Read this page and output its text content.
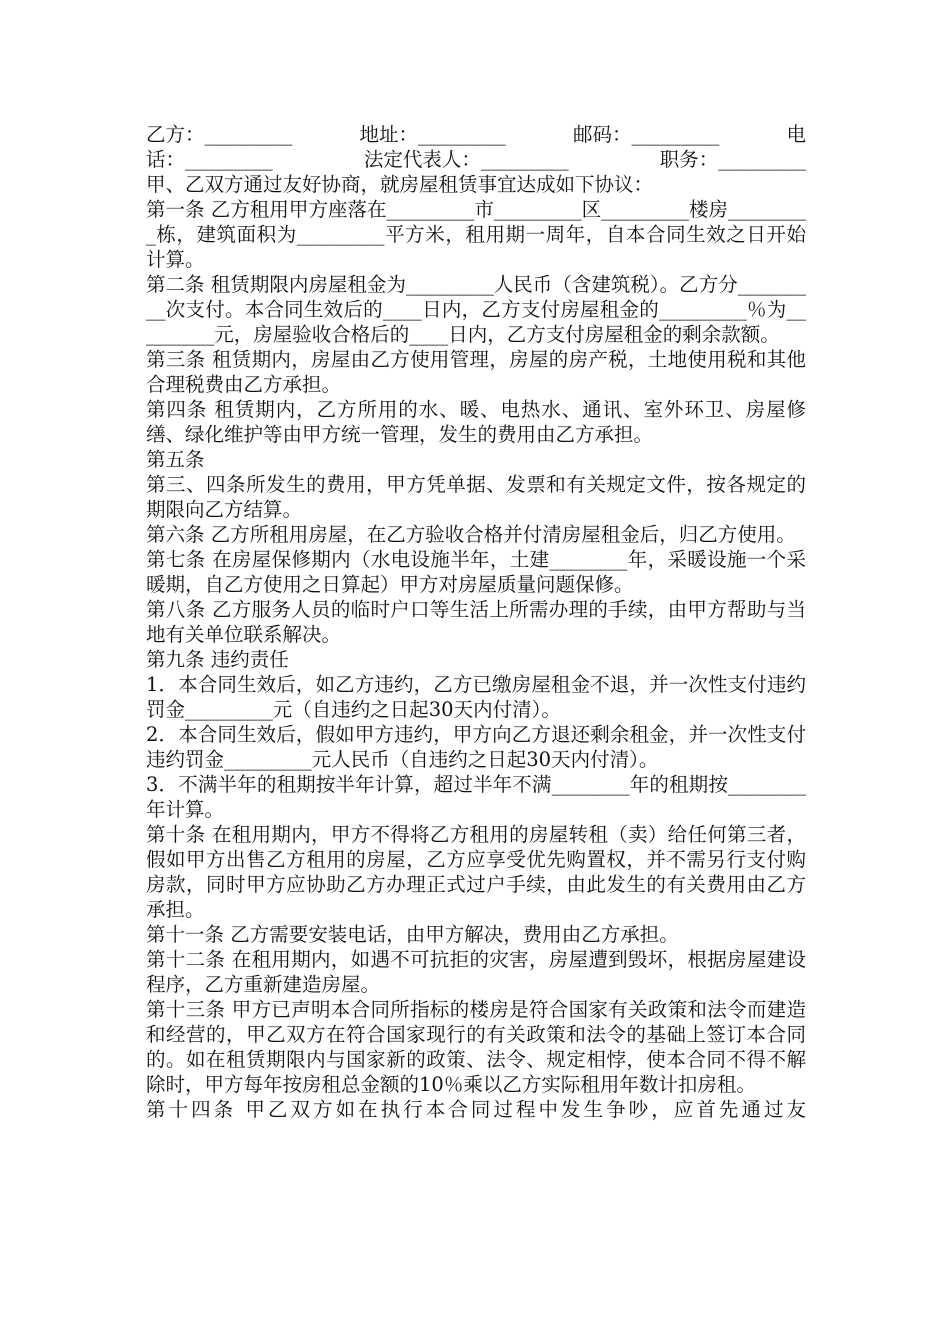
乙方：_________	地址：_________	邮码：_________	电
话：_________	法定代表人：_________	职务：_________

甲、乙双方通过友好协商，就房屋租赁事宜达成如下协议：

第一条 乙方租用甲方座落在_________市_________区_________楼房_________栋，建筑面积为_________平方米，租用期一周年，自本合同生效之日开始计算。

第二条 租赁期限内房屋租金为_________人民币（含建筑税）。乙方分_________次支付。本合同生效后的____日内，乙方支付房屋租金的_________％为_________元，房屋验收合格后的____日内，乙方支付房屋租金的剩余款额。

第三条 租赁期内，房屋由乙方使用管理，房屋的房产税，土地使用税和其他合理税费由乙方承担。

第四条 租赁期内，乙方所用的水、暖、电热水、通讯、室外环卫、房屋修缮、绿化维护等由甲方统一管理，发生的费用由乙方承担。

第五条

第三、四条所发生的费用，甲方凭单据、发票和有关规定文件，按各规定的期限向乙方结算。

第六条 乙方所租用房屋，在乙方验收合格并付清房屋租金后，归乙方使用。

第七条 在房屋保修期内（水电设施半年，土建________年，采暖设施一个采暖期，自乙方使用之日算起）甲方对房屋质量问题保修。

第八条 乙方服务人员的临时户口等生活上所需办理的手续，由甲方帮助与当地有关单位联系解决。

第九条 违约责任

1．本合同生效后，如乙方违约，乙方已缴房屋租金不退，并一次性支付违约罚金_________元（自违约之日起30天内付清）。

2．本合同生效后，假如甲方违约，甲方向乙方退还剩余租金，并一次性支付违约罚金_________元人民币（自违约之日起30天内付清）。

3．不满半年的租期按半年计算，超过半年不满________年的租期按________年计算。

第十条 在租用期内，甲方不得将乙方租用的房屋转租（卖）给任何第三者，假如甲方出售乙方租用的房屋，乙方应享受优先购置权，并不需另行支付购房款，同时甲方应协助乙方办理正式过户手续，由此发生的有关费用由乙方承担。

第十一条 乙方需要安装电话，由甲方解决，费用由乙方承担。

第十二条 在租用期内，如遇不可抗拒的灾害，房屋遭到毁坏，根据房屋建设程序，乙方重新建造房屋。

第十三条 甲方已声明本合同所指标的楼房是符合国家有关政策和法令而建造和经营的，甲乙双方在符合国家现行的有关政策和法令的基础上签订本合同的。如在租赁期限内与国家新的政策、法令、规定相悖，使本合同不得不解除时，甲方每年按房租总金额的10％乘以乙方实际租用年数计扣房租。

第十四条 甲乙双方如在执行本合同过程中发生争吵，应首先通过友
